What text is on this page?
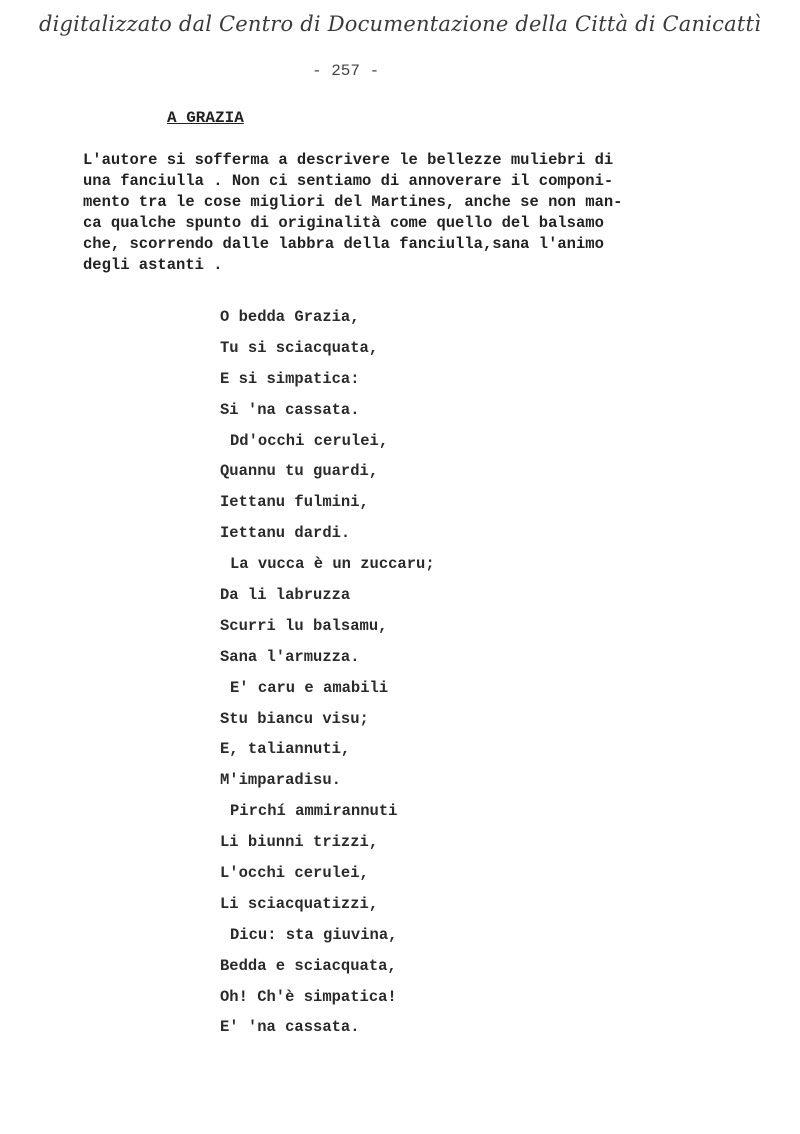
digitalizzato dal Centro di Documentazione della Città di Canicattì
- 257 -
A GRAZIA
L'autore si sofferma a descrivere le bellezze muliebri di
una fanciulla . Non ci sentiamo di annoverare il componi-
mento tra le cose migliori del Martines, anche se non man-
ca qualche spunto di originalità come quello del balsamo
che, scorrendo dalle labbra della fanciulla,sana l'animo
degli astanti .
O bedda Grazia,
Tu si sciacquata,
E si simpatica:
Si 'na cassata.
Dd'occhi cerulei,
Quannu tu guardi,
Iettanu fulmini,
Iettanu dardi.
La vucca è un zuccaru;
Da li labruzza
Scurri lu balsamu,
Sana l'armuzza.
E' caru e amabili
Stu biancu visu;
E, taliannuti,
M'imparadisu.
Pirchí ammirannuti
Li biunni trizzi,
L'occhi cerulei,
Li sciacquatizzi,
Dicu: sta giuvina,
Bedda e sciacquata,
Oh! Ch'è simpatica!
E' 'na cassata.
